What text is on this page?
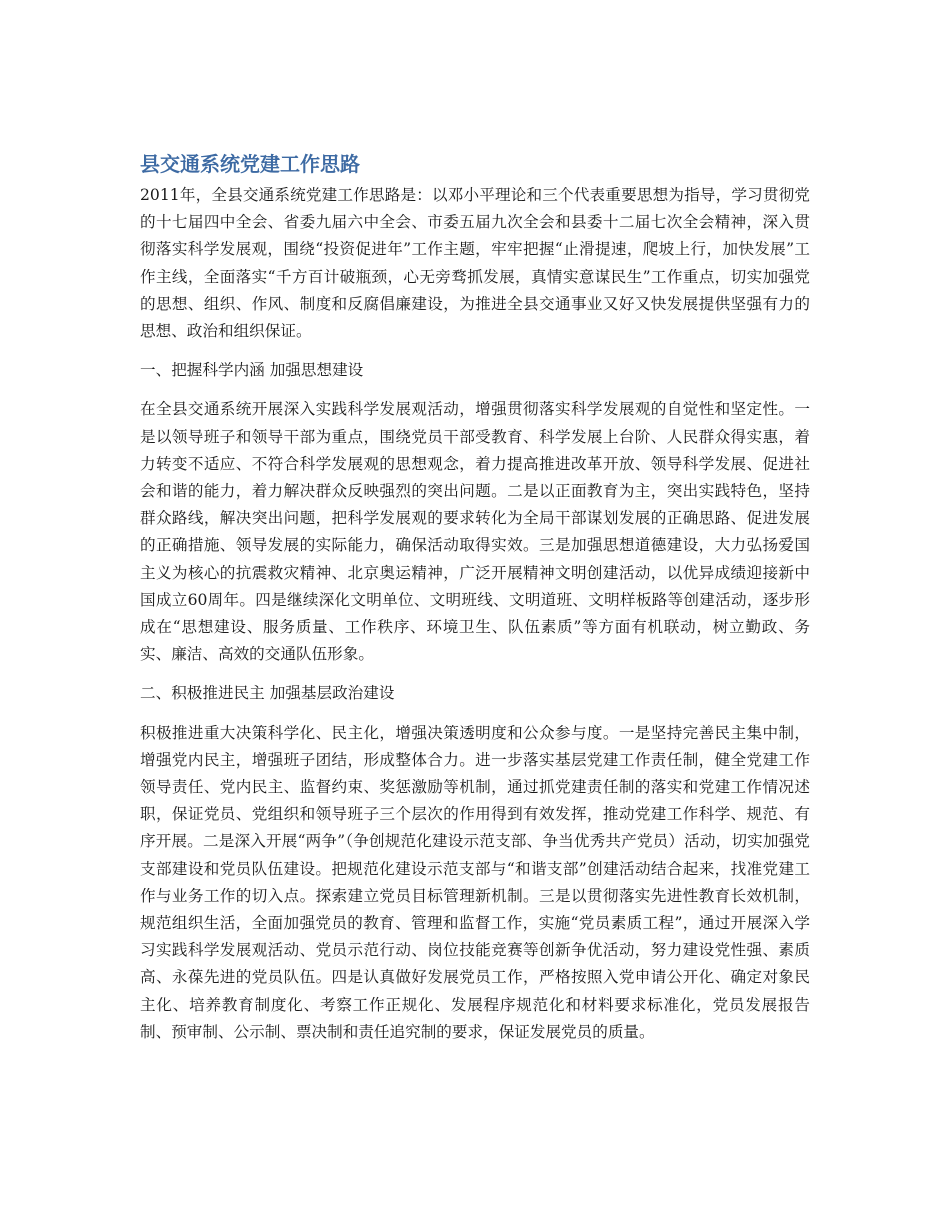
县交通系统党建工作思路

2011年，全县交通系统党建工作思路是：以邓小平理论和三个代表重要思想为指导，学习贯彻党的十七届四中全会、省委九届六中全会、市委五届九次全会和县委十二届七次全会精神，深入贯彻落实科学发展观，围绕“投资促进年”工作主题，牢牢把握“止滑提速，爬坡上行，加快发展”工作主线，全面落实“千方百计破瓶颈，心无旁骛抓发展，真情实意谋民生”工作重点，切实加强党的思想、组织、作风、制度和反腐倡廉建设，为推进全县交通事业又好又快发展提供坚强有力的思想、政治和组织保证。

一、把握科学内涵 加强思想建设

在全县交通系统开展深入实践科学发展观活动，增强贯彻落实科学发展观的自觉性和坚定性。一是以领导班子和领导干部为重点，围绕党员干部受教育、科学发展上台阶、人民群众得实惠，着力转变不适应、不符合科学发展观的思想观念，着力提高推进改革开放、领导科学发展、促进社会和谐的能力，着力解决群众反映强烈的突出问题。二是以正面教育为主，突出实践特色，坚持群众路线，解决突出问题，把科学发展观的要求转化为全局干部谋划发展的正确思路、促进发展的正确措施、领导发展的实际能力，确保活动取得实效。三是加强思想道德建设，大力弘扬爱国主义为核心的抗震救灾精神、北京奥运精神，广泛开展精神文明创建活动，以优异成绩迎接新中国成立60周年。四是继续深化文明单位、文明班线、文明道班、文明样板路等创建活动，逐步形成在“思想建设、服务质量、工作秩序、环境卫生、队伍素质”等方面有机联动，树立勤政、务实、廉洁、高效的交通队伍形象。

二、积极推进民主 加强基层政治建设

积极推进重大决策科学化、民主化，增强决策透明度和公众参与度。一是坚持完善民主集中制，增强党内民主，增强班子团结，形成整体合力。进一步落实基层党建工作责任制，健全党建工作领导责任、党内民主、监督约束、奖惩激励等机制，通过抓党建责任制的落实和党建工作情况述职，保证党员、党组织和领导班子三个层次的作用得到有效发挥，推动党建工作科学、规范、有序开展。二是深入开展“两争”（争创规范化建设示范支部、争当优秀共产党员）活动，切实加强党支部建设和党员队伍建设。把规范化建设示范支部与“和谐支部”创建活动结合起来，找准党建工作与业务工作的切入点。探索建立党员目标管理新机制。三是以贯彻落实先进性教育长效机制，规范组织生活，全面加强党员的教育、管理和监督工作，实施“党员素质工程”，通过开展深入学习实践科学发展观活动、党员示范行动、岗位技能竞赛等创新争优活动，努力建设党性强、素质高、永葆先进的党员队伍。四是认真做好发展党员工作，严格按照入党申请公开化、确定对象民主化、培养教育制度化、考察工作正规化、发展程序规范化和材料要求标准化，党员发展报告制、预审制、公示制、票决制和责任追究制的要求，保证发展党员的质量。
